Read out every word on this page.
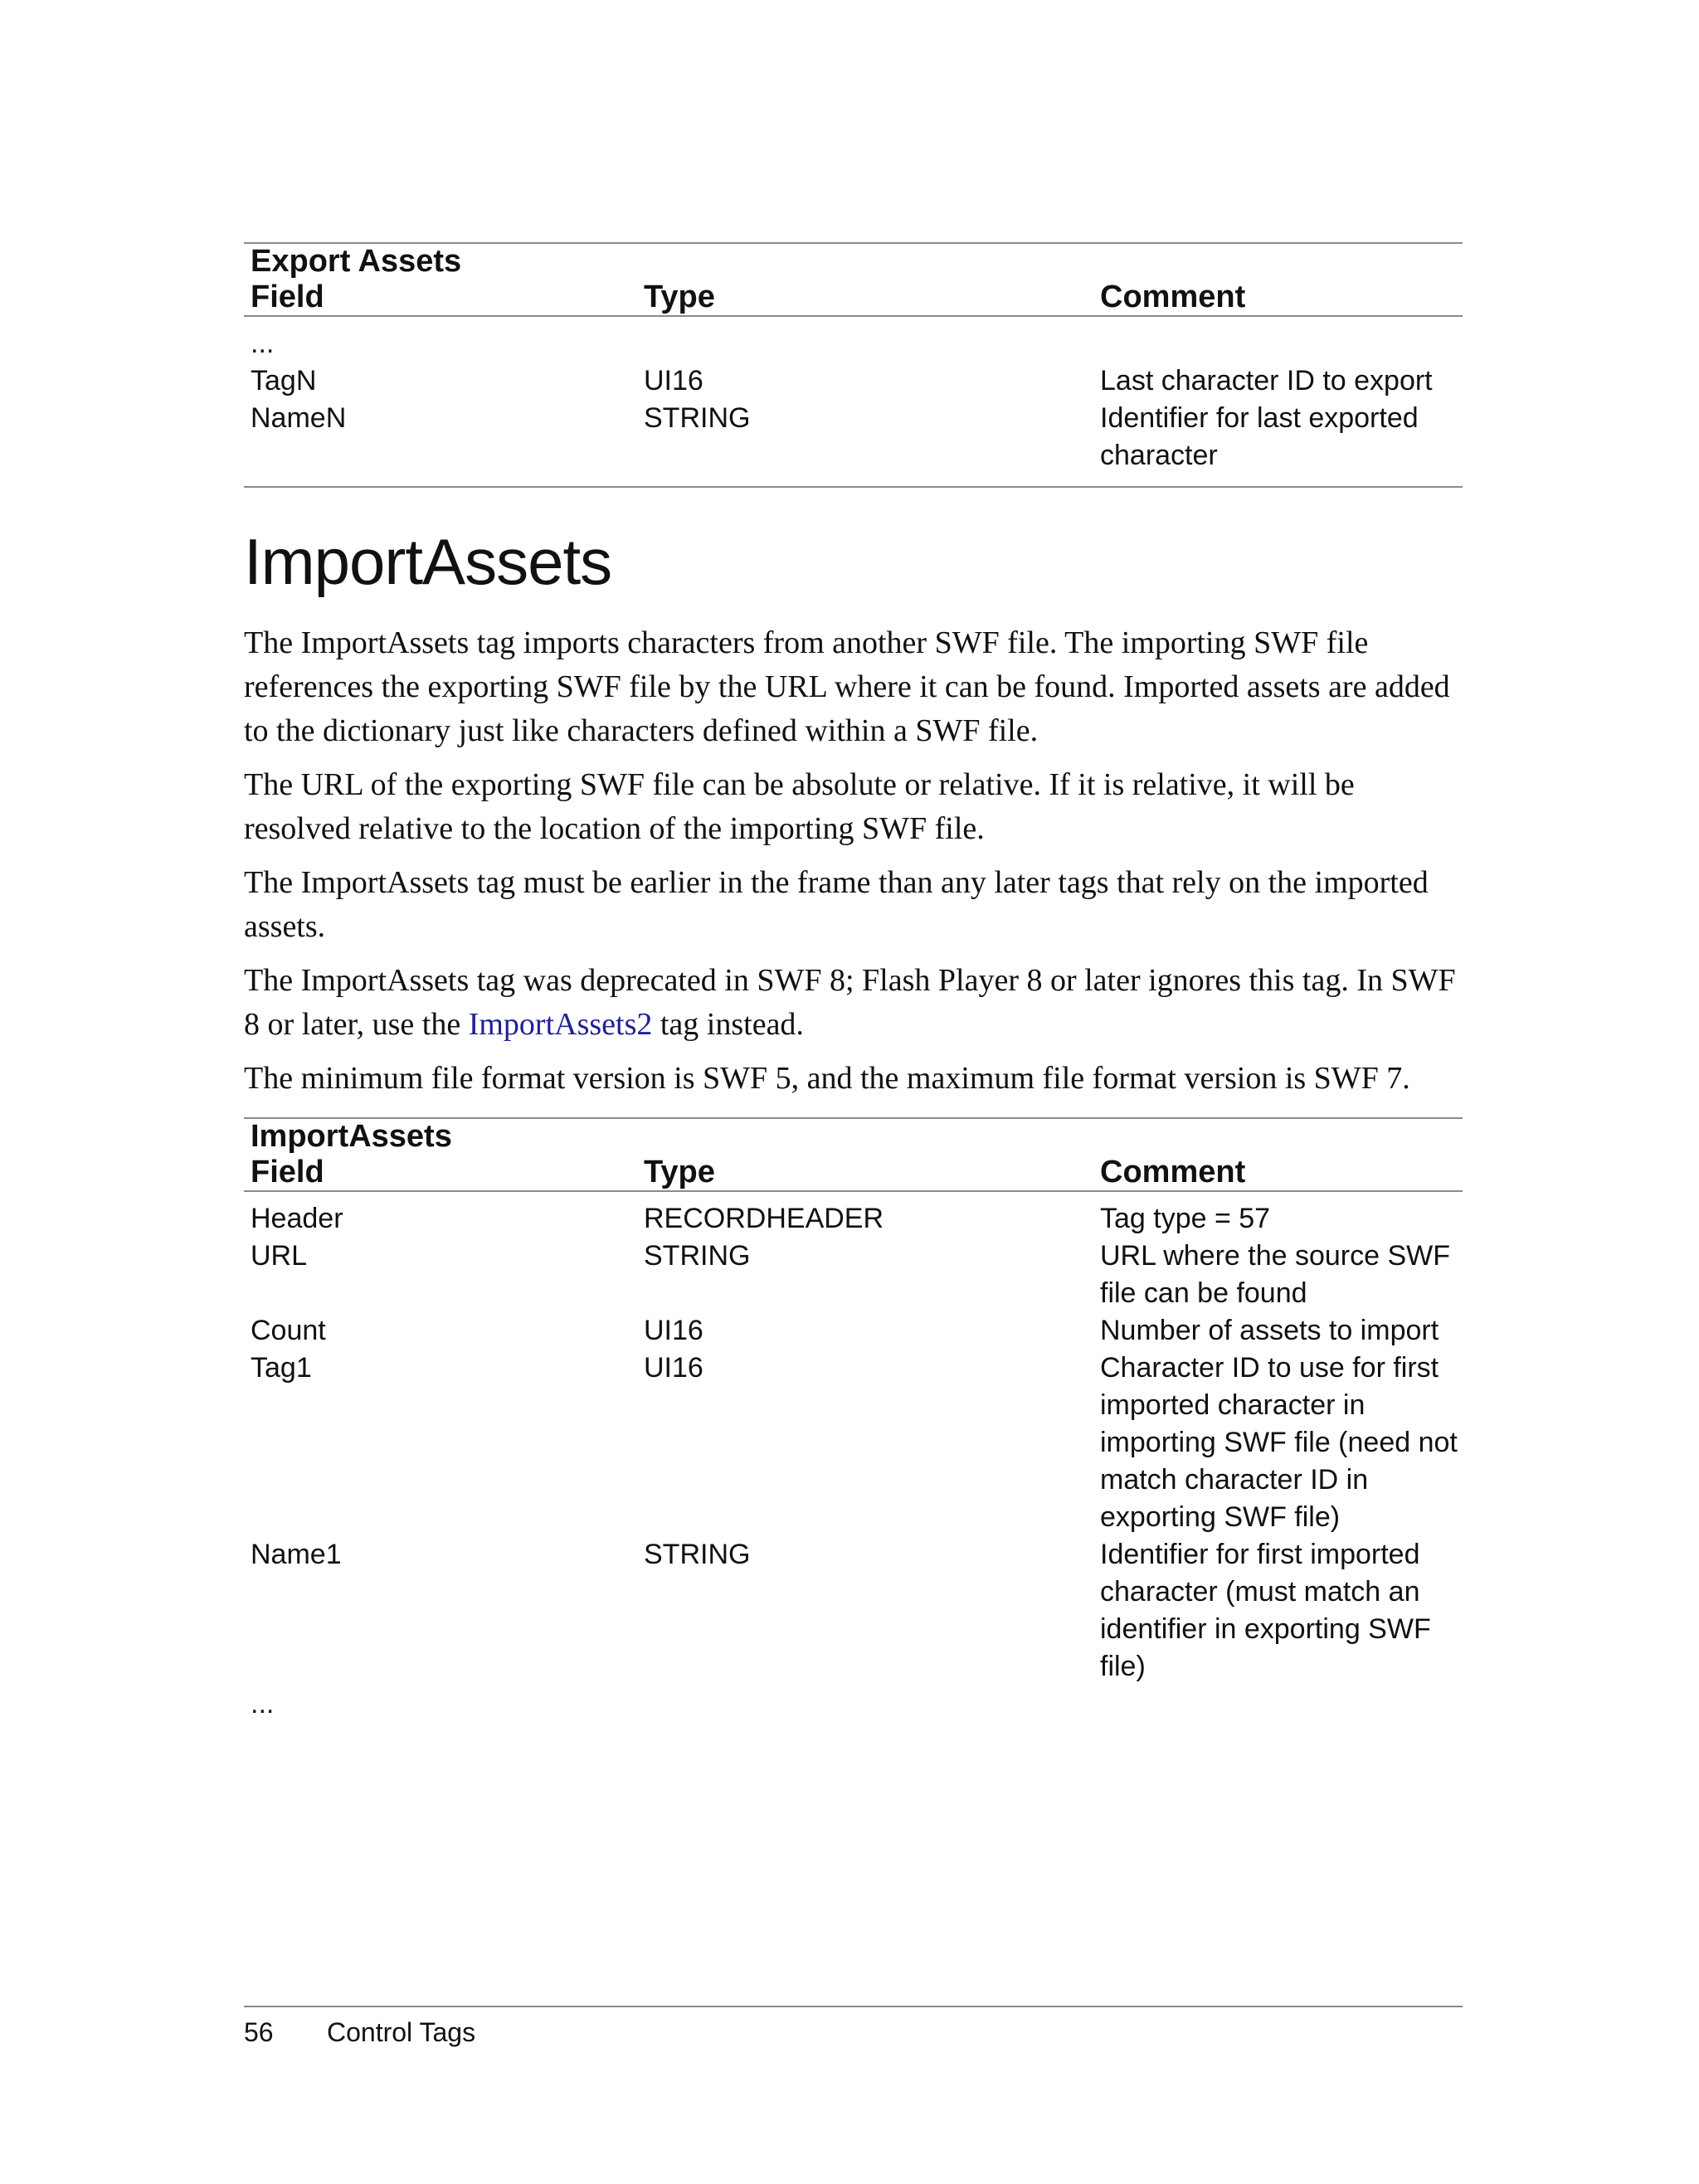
Export Assets		
Field	Type	Comment
...		
TagN	UI16	Last character ID to export
NameN	STRING	Identifier for last exported character
ImportAssets

The ImportAssets tag imports characters from another SWF file. The importing SWF file references the exporting SWF file by the URL where it can be found. Imported assets are added to the dictionary just like characters defined within a SWF file.

The URL of the exporting SWF file can be absolute or relative. If it is relative, it will be resolved relative to the location of the importing SWF file.

The ImportAssets tag must be earlier in the frame than any later tags that rely on the imported assets.

The ImportAssets tag was deprecated in SWF 8; Flash Player 8 or later ignores this tag. In SWF 8 or later, use the ImportAssets2 tag instead.

The minimum file format version is SWF 5, and the maximum file format version is SWF 7.

ImportAssets		
Field	Type	Comment
Header	RECORDHEADER	Tag type = 57
URL	STRING	URL where the source SWF file can be found
Count	UI16	Number of assets to import
Tag1	UI16	Character ID to use for first imported character in importing SWF file (need not match character ID in exporting SWF file)
Name1	STRING	Identifier for first imported character (must match an identifier in exporting SWF file)
...		
56 Control Tags
